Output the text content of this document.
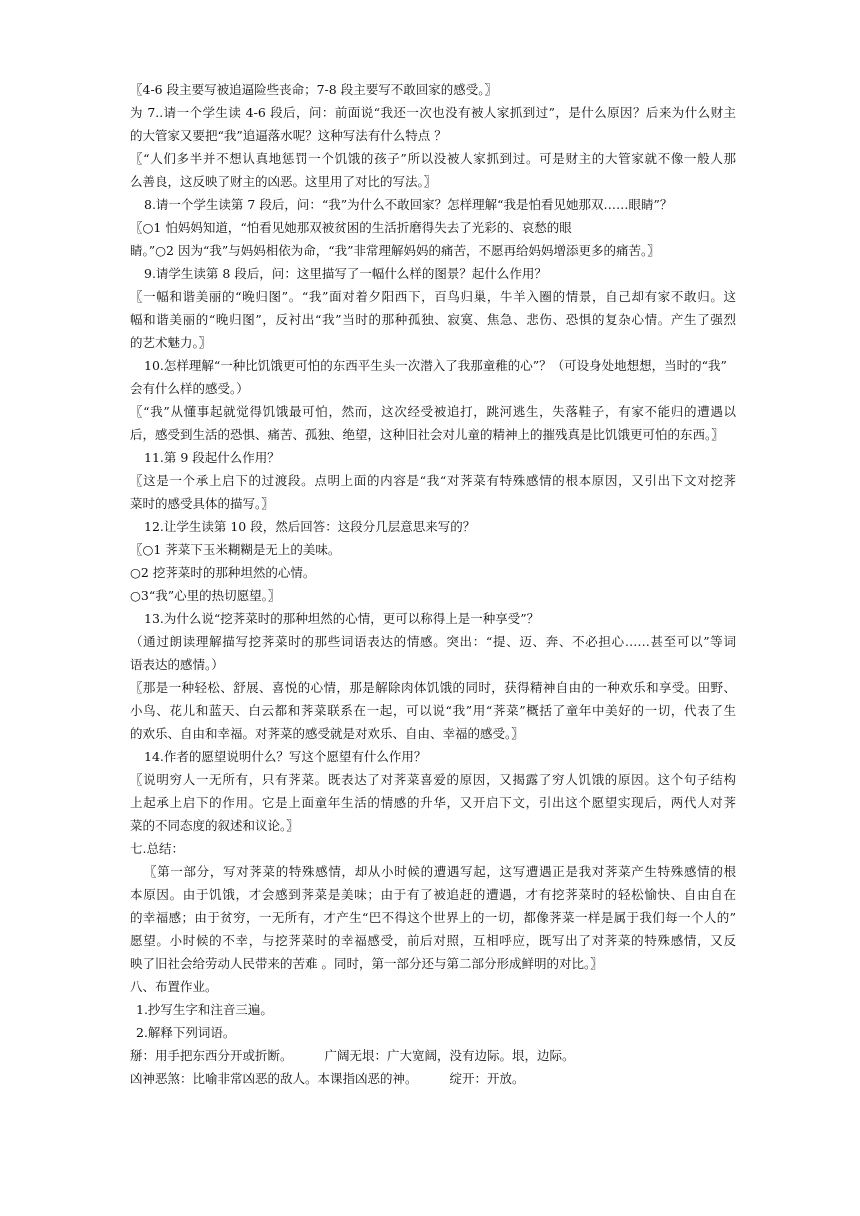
〖4-6 段主要写被追逼险些丧命；7-8 段主要写不敢回家的感受。〗
为 7..请一个学生读 4-6 段后，问：前面说“我还一次也没有被人家抓到过”，是什么原因？后来为什么财主
的大管家又要把“我”追逼落水呢？这种写法有什么特点 ？
〖“人们多半并不想认真地惩罚一个饥饿的孩子”所以没被人家抓到过。可是财主的大管家就不像一般人那
么善良，这反映了财主的凶恶。这里用了对比的写法。〗
8.请一个学生读第 7 段后，问：“我”为什么不敢回家？怎样理解“我是怕看见她那双……眼睛”？
〖○1 怕妈妈知道，“怕看见她那双被贫困的生活折磨得失去了光彩的、哀愁的眼
睛。”○2 因为“我”与妈妈相依为命，“我”非常理解妈妈的痛苦，不愿再给妈妈增添更多的痛苦。〗
9.请学生读第 8 段后，问：这里描写了一幅什么样的图景？起什么作用？
〖一幅和谐美丽的“晚归图”。“我”面对着夕阳西下，百鸟归巢，牛羊入圈的情景，自己却有家不敢归。这
幅和谐美丽的“晚归图”，反衬出“我”当时的那种孤独、寂寞、焦急、悲伤、恐惧的复杂心情。产生了强烈
的艺术魅力。〗
10.怎样理解“一种比饥饿更可怕的东西平生头一次潜入了我那童稚的心”？（可设身处地想想，当时的“我”
会有什么样的感受。）
〖“我”从懂事起就觉得饥饿最可怕，然而，这次经受被追打，跳河逃生，失落鞋子，有家不能归的遭遇以
后，感受到生活的恐惧、痛苦、孤独、绝望，这种旧社会对儿童的精神上的摧残真是比饥饿更可怕的东西。〗
11.第 9 段起什么作用？
〖这是一个承上启下的过渡段。点明上面的内容是“我“对荠菜有特殊感情的根本原因，又引出下文对挖荠
菜时的感受具体的描写。〗
12.让学生读第 10 段，然后回答：这段分几层意思来写的？
〖○1 荠菜下玉米糊糊是无上的美味。
○2 挖荠菜时的那种坦然的心情。
○3“我”心里的热切愿望。〗
13.为什么说“挖荠菜时的那种坦然的心情，更可以称得上是一种享受”？
（通过朗读理解描写挖荠菜时的那些词语表达的情感。突出：“提、迈、奔、不必担心……甚至可以”等词
语表达的感情。）
〖那是一种轻松、舒展、喜悦的心情，那是解除肉体饥饿的同时，获得精神自由的一种欢乐和享受。田野、
小鸟、花儿和蓝天、白云都和荠菜联系在一起，可以说“我”用“荠菜”概括了童年中美好的一切，代表了生
的欢乐、自由和幸福。对荠菜的感受就是对欢乐、自由、幸福的感受。〗
14.作者的愿望说明什么？写这个愿望有什么作用？
〖说明穷人一无所有，只有荠菜。既表达了对荠菜喜爱的原因，又揭露了穷人饥饿的原因。这个句子结构
上起承上启下的作用。它是上面童年生活的情感的升华，又开启下文，引出这个愿望实现后，两代人对荠
菜的不同态度的叙述和议论。〗
七.总结：
〖第一部分，写对荠菜的特殊感情，却从小时候的遭遇写起，这写遭遇正是我对荠菜产生特殊感情的根
本原因。由于饥饿，才会感到荠菜是美味；由于有了被追赶的遭遇，才有挖荠菜时的轻松愉快、自由自在
的幸福感；由于贫穷，一无所有，才产生“巴不得这个世界上的一切，都像荠菜一样是属于我们每一个人的”
愿望。小时候的不幸，与挖荠菜时的幸福感受，前后对照，互相呼应，既写出了对荠菜的特殊感情，又反
映了旧社会给劳动人民带来的苦难 。同时，第一部分还与第二部分形成鲜明的对比。〗
八、布置作业。
1.抄写生字和注音三遍。
2.解释下列词语。
掰：用手把东西分开或折断。	广阔无垠：广大宽阔，没有边际。垠，边际。
凶神恶煞：比喻非常凶恶的敌人。本课指凶恶的神。	绽开：开放。
